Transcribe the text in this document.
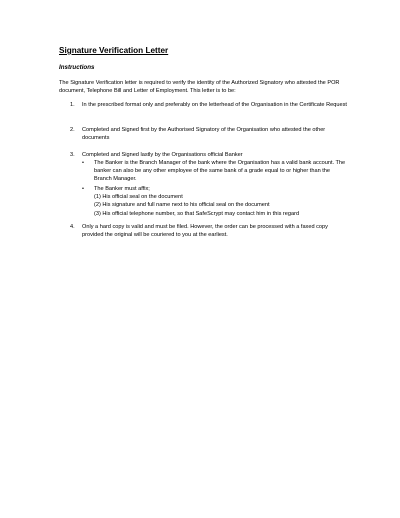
Signature Verification Letter
Instructions

The Signature Verification letter is required to verify the identity of the Authorized Signatory who attested the POR document, Telephone Bill and Letter of Employment. This letter is to be:

1. In the prescribed format only and preferably on the letterhead of the Organisation in the Certificate Request
2. Completed and Signed first by the Authorised Signatory of the Organisation who attested the other documents
3. Completed and Signed lastly by the Organisations official Banker
• The Banker is the Branch Manager of the bank where the Organisation has a valid bank account. The banker can also be any other employee of the same bank of a grade equal to or higher than the Branch Manager.
• The Banker must affix;
(1) His official seal on the document
(2) His signature and full name next to his official seal on the document
(3) His official telephone number, so that SafeScrypt may contact him in this regard
4. Only a hard copy is valid and must be filed. However, the order can be processed with a faxed copy provided the original will be couriered to you at the earliest.
